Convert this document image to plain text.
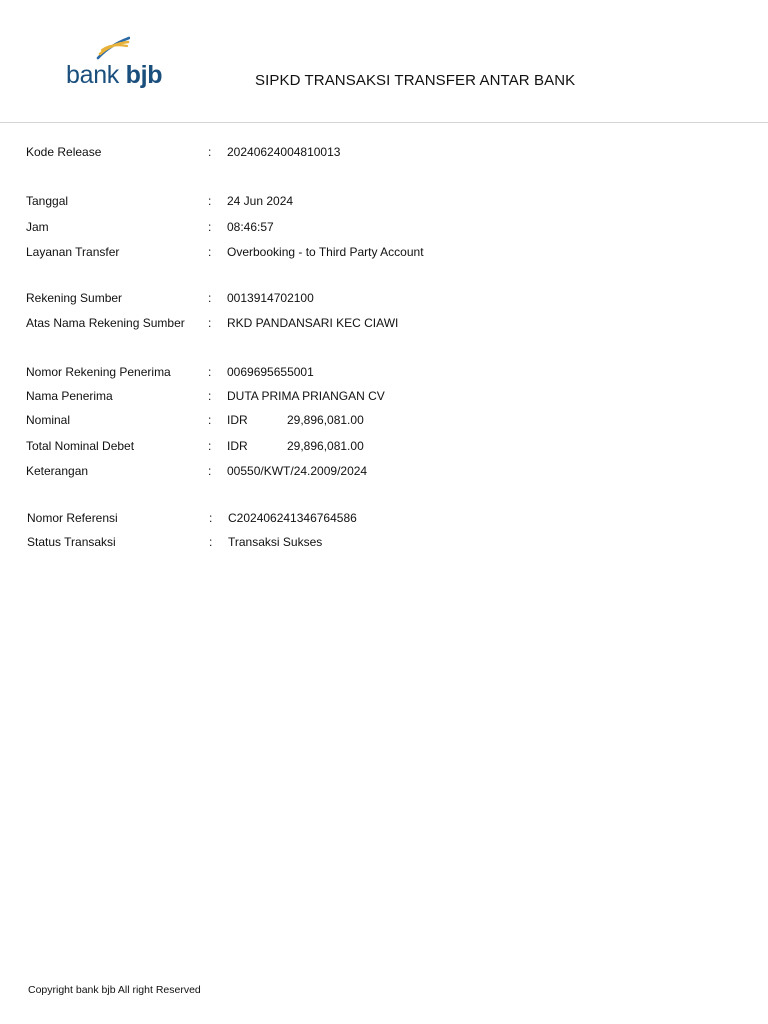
bank bjb	SIPKD TRANSAKSI TRANSFER ANTAR BANK
Kode Release	: 20240624004810013
Tanggal	: 24 Jun 2024
Jam	: 08:46:57
Layanan Transfer	: Overbooking - to Third Party Account
Rekening Sumber	: 0013914702100
Atas Nama Rekening Sumber : RKD PANDANSARI KEC CIAWI
Nomor Rekening Penerima	: 0069695655001
Nama Penerima	: DUTA PRIMA PRIANGAN CV
Nominal	: IDR	29,896,081.00
Total Nominal Debet	: IDR	29,896,081.00
Keterangan	: 00550/KWT/24.2009/2024
Nomor Referensi	: C202406241346764586
Status Transaksi	: Transaksi Sukses
Copyright bank bjb All right Reserved
